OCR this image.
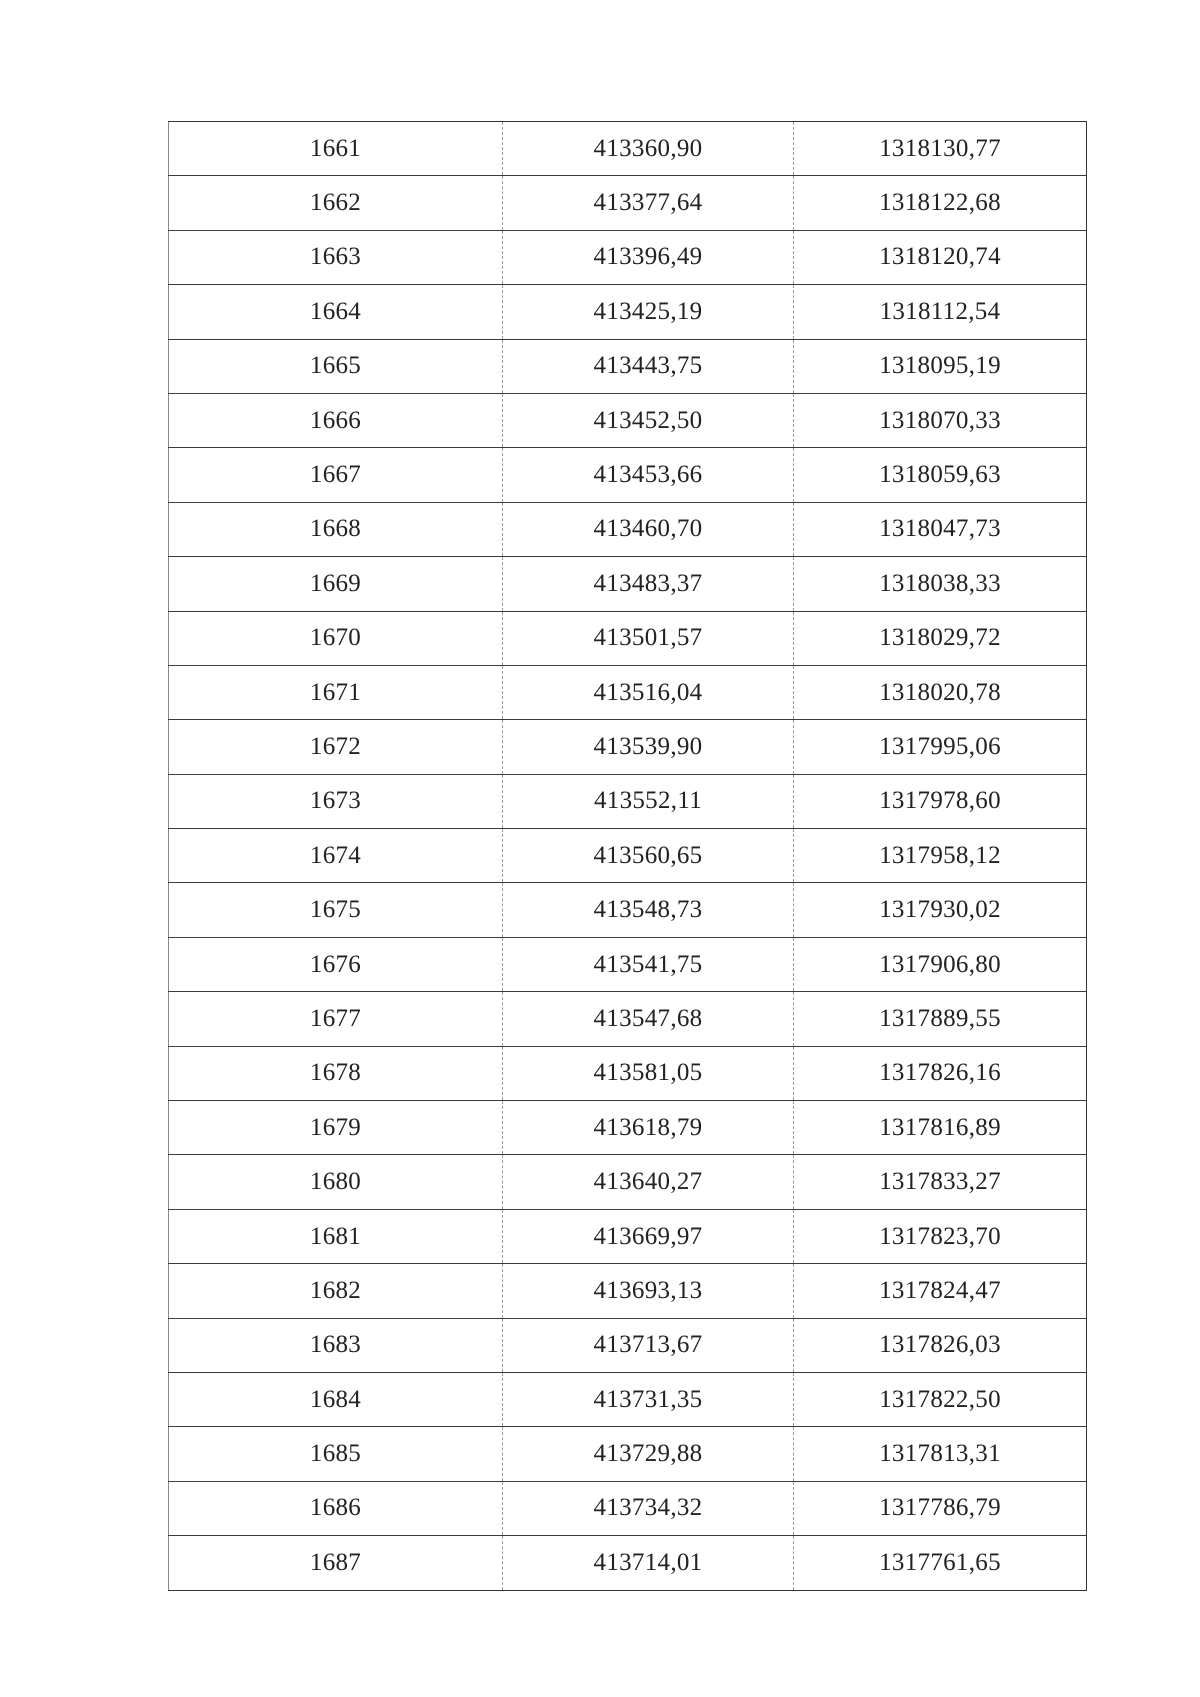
1661	413360,90	1318130,77
1662	413377,64	1318122,68
1663	413396,49	1318120,74
1664	413425,19	1318112,54
1665	413443,75	1318095,19
1666	413452,50	1318070,33
1667	413453,66	1318059,63
1668	413460,70	1318047,73
1669	413483,37	1318038,33
1670	413501,57	1318029,72
1671	413516,04	1318020,78
1672	413539,90	1317995,06
1673	413552,11	1317978,60
1674	413560,65	1317958,12
1675	413548,73	1317930,02
1676	413541,75	1317906,80
1677	413547,68	1317889,55
1678	413581,05	1317826,16
1679	413618,79	1317816,89
1680	413640,27	1317833,27
1681	413669,97	1317823,70
1682	413693,13	1317824,47
1683	413713,67	1317826,03
1684	413731,35	1317822,50
1685	413729,88	1317813,31
1686	413734,32	1317786,79
1687	413714,01	1317761,65
